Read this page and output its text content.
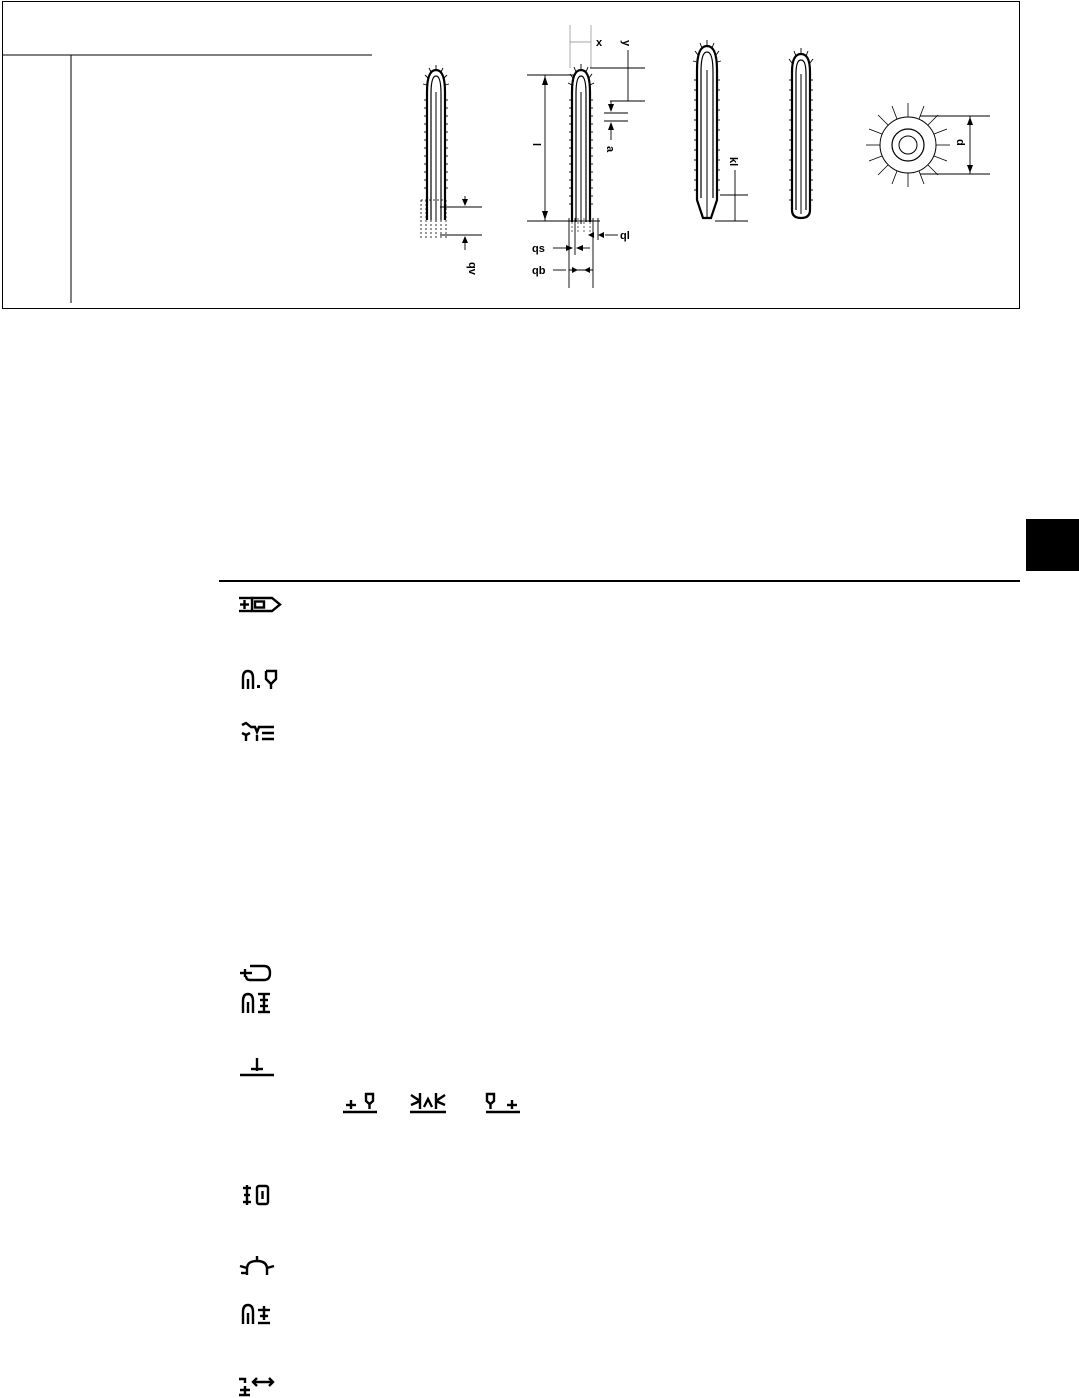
qv
x y
l
a
qs
ql
qb
kl
d
